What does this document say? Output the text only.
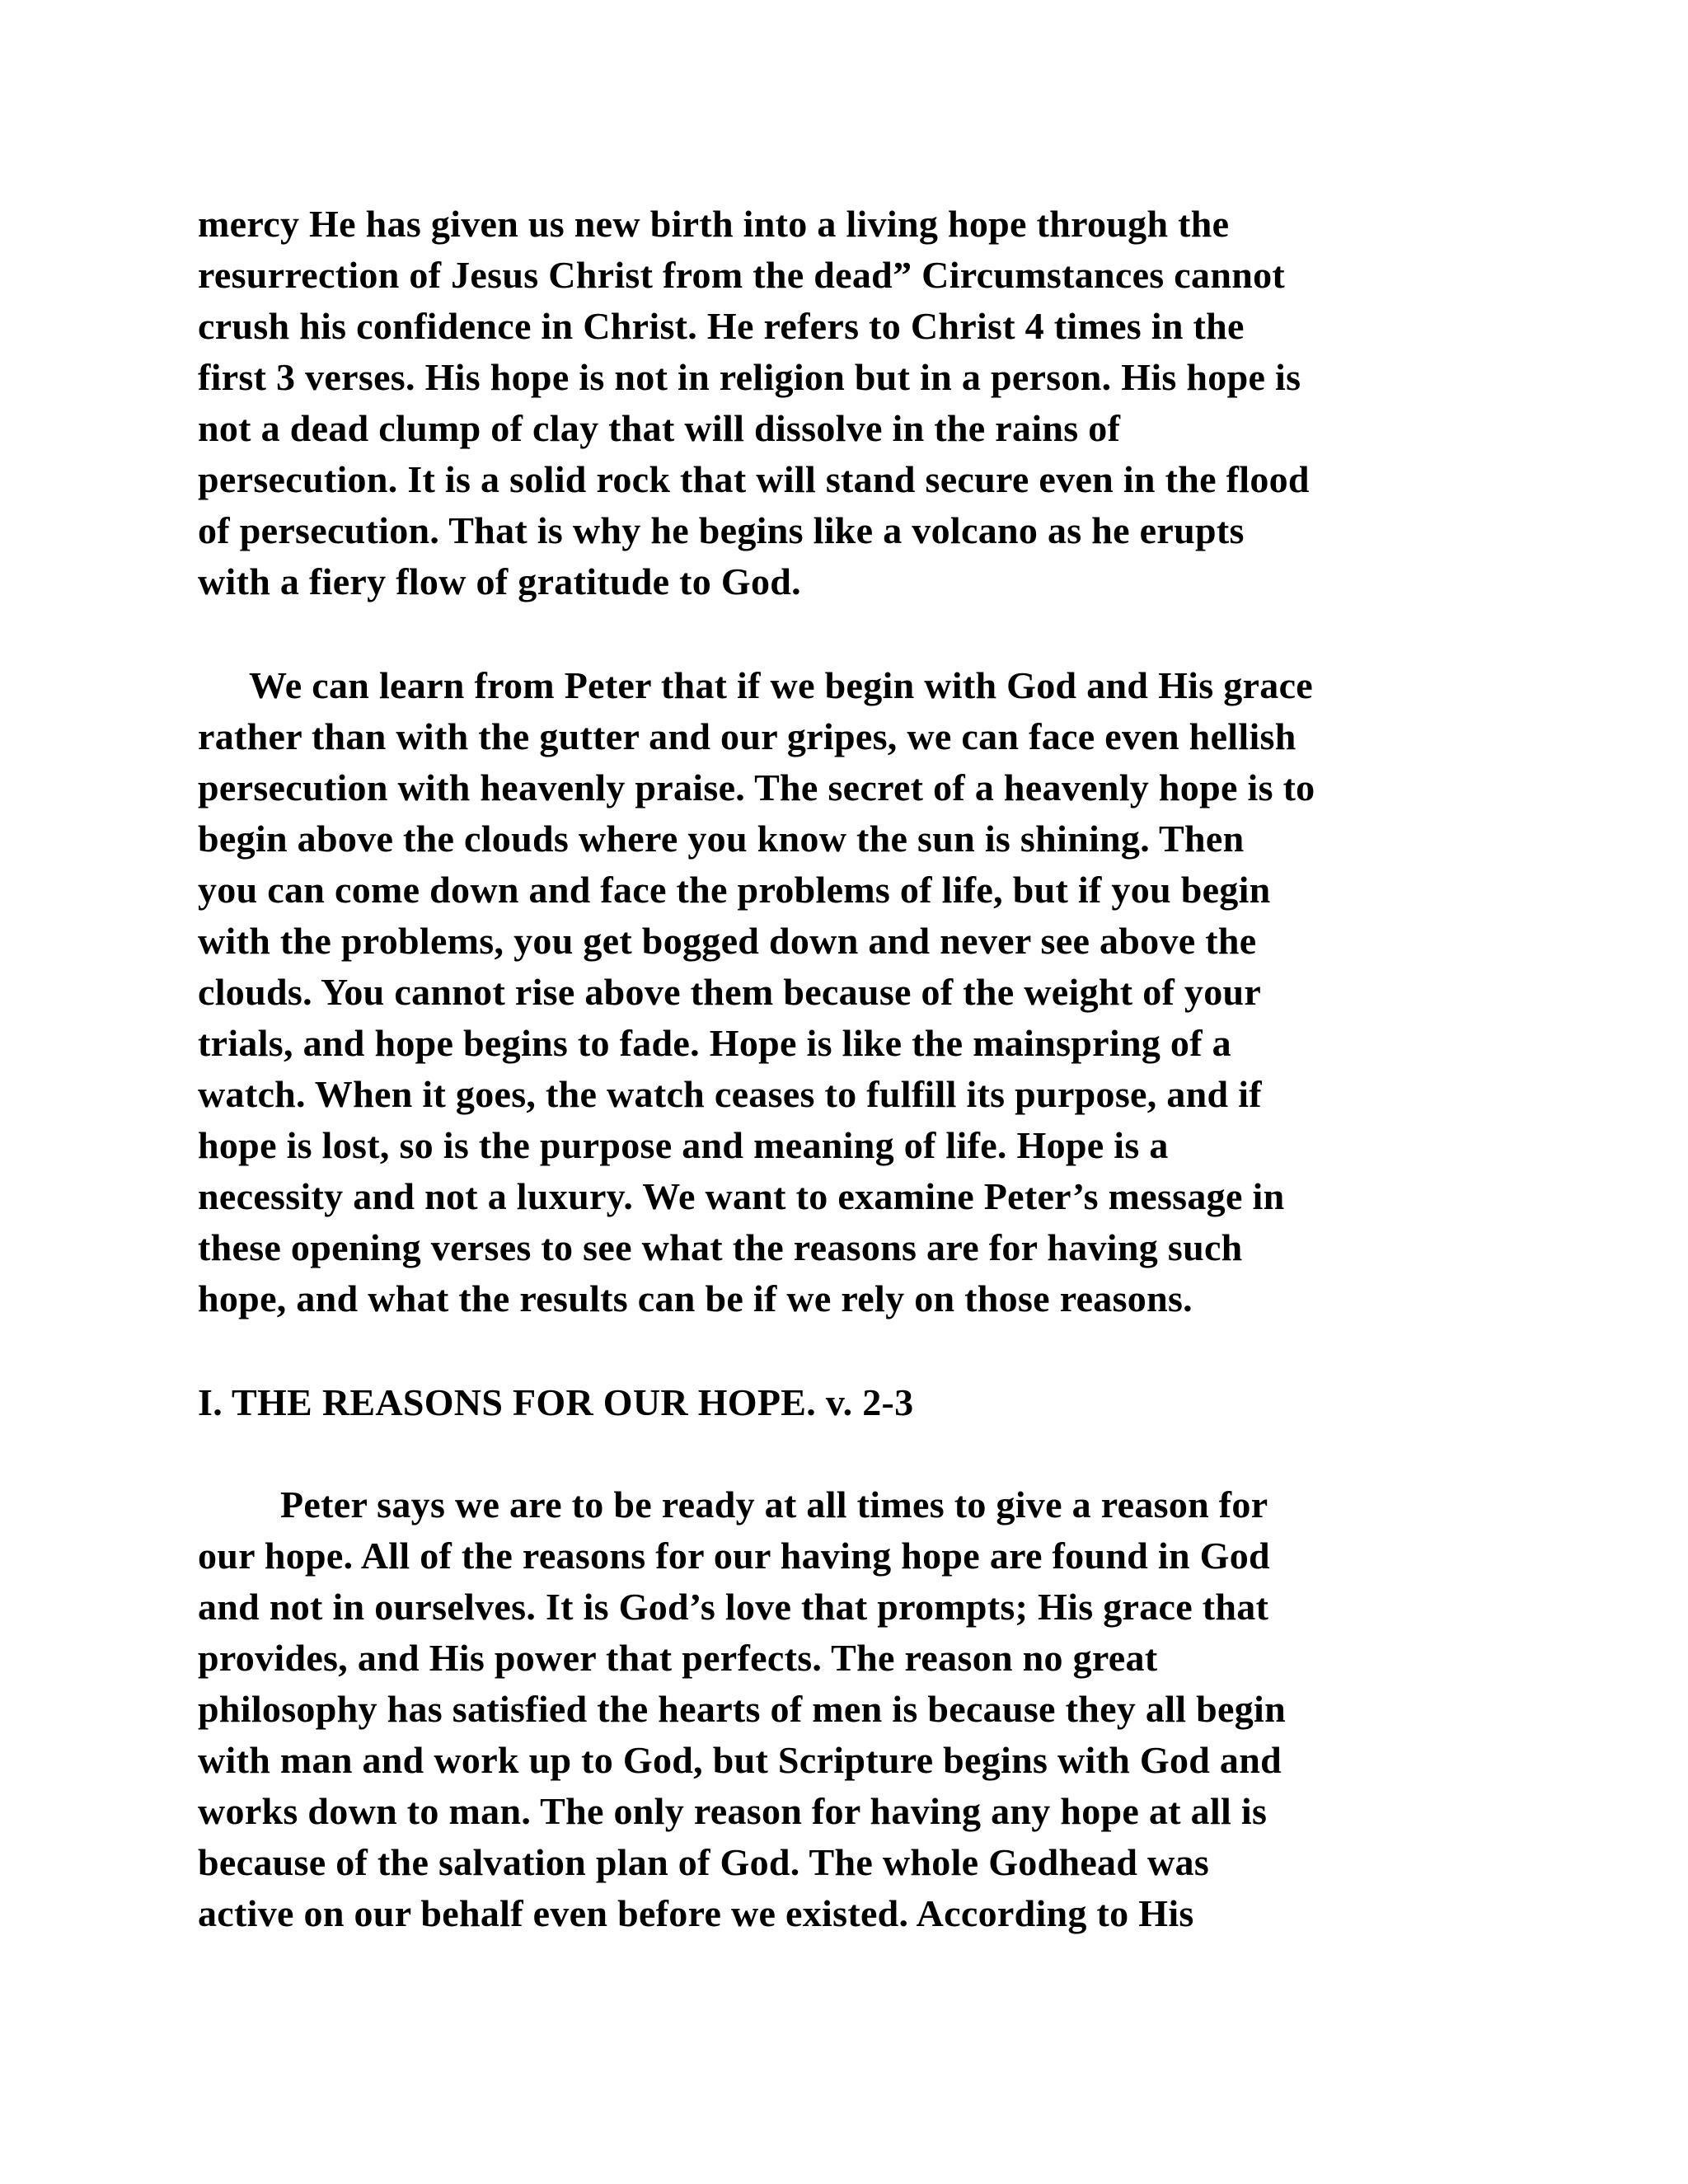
mercy He has given us new birth into a living hope through the
resurrection of Jesus Christ from the dead” Circumstances cannot
crush his confidence in Christ. He refers to Christ 4 times in the
first 3 verses. His hope is not in religion but in a person. His hope is
not a dead clump of clay that will dissolve in the rains of
persecution. It is a solid rock that will stand secure even in the flood
of persecution. That is why he begins like a volcano as he erupts
with a fiery flow of gratitude to God.
We can learn from Peter that if we begin with God and His grace
rather than with the gutter and our gripes, we can face even hellish
persecution with heavenly praise. The secret of a heavenly hope is to
begin above the clouds where you know the sun is shining. Then
you can come down and face the problems of life, but if you begin
with the problems, you get bogged down and never see above the
clouds. You cannot rise above them because of the weight of your
trials, and hope begins to fade. Hope is like the mainspring of a
watch. When it goes, the watch ceases to fulfill its purpose, and if
hope is lost, so is the purpose and meaning of life. Hope is a
necessity and not a luxury. We want to examine Peter’s message in
these opening verses to see what the reasons are for having such
hope, and what the results can be if we rely on those reasons.
I. THE REASONS FOR OUR HOPE. v. 2-3
Peter says we are to be ready at all times to give a reason for
our hope. All of the reasons for our having hope are found in God
and not in ourselves. It is God’s love that prompts; His grace that
provides, and His power that perfects. The reason no great
philosophy has satisfied the hearts of men is because they all begin
with man and work up to God, but Scripture begins with God and
works down to man. The only reason for having any hope at all is
because of the salvation plan of God. The whole Godhead was
active on our behalf even before we existed. According to His
